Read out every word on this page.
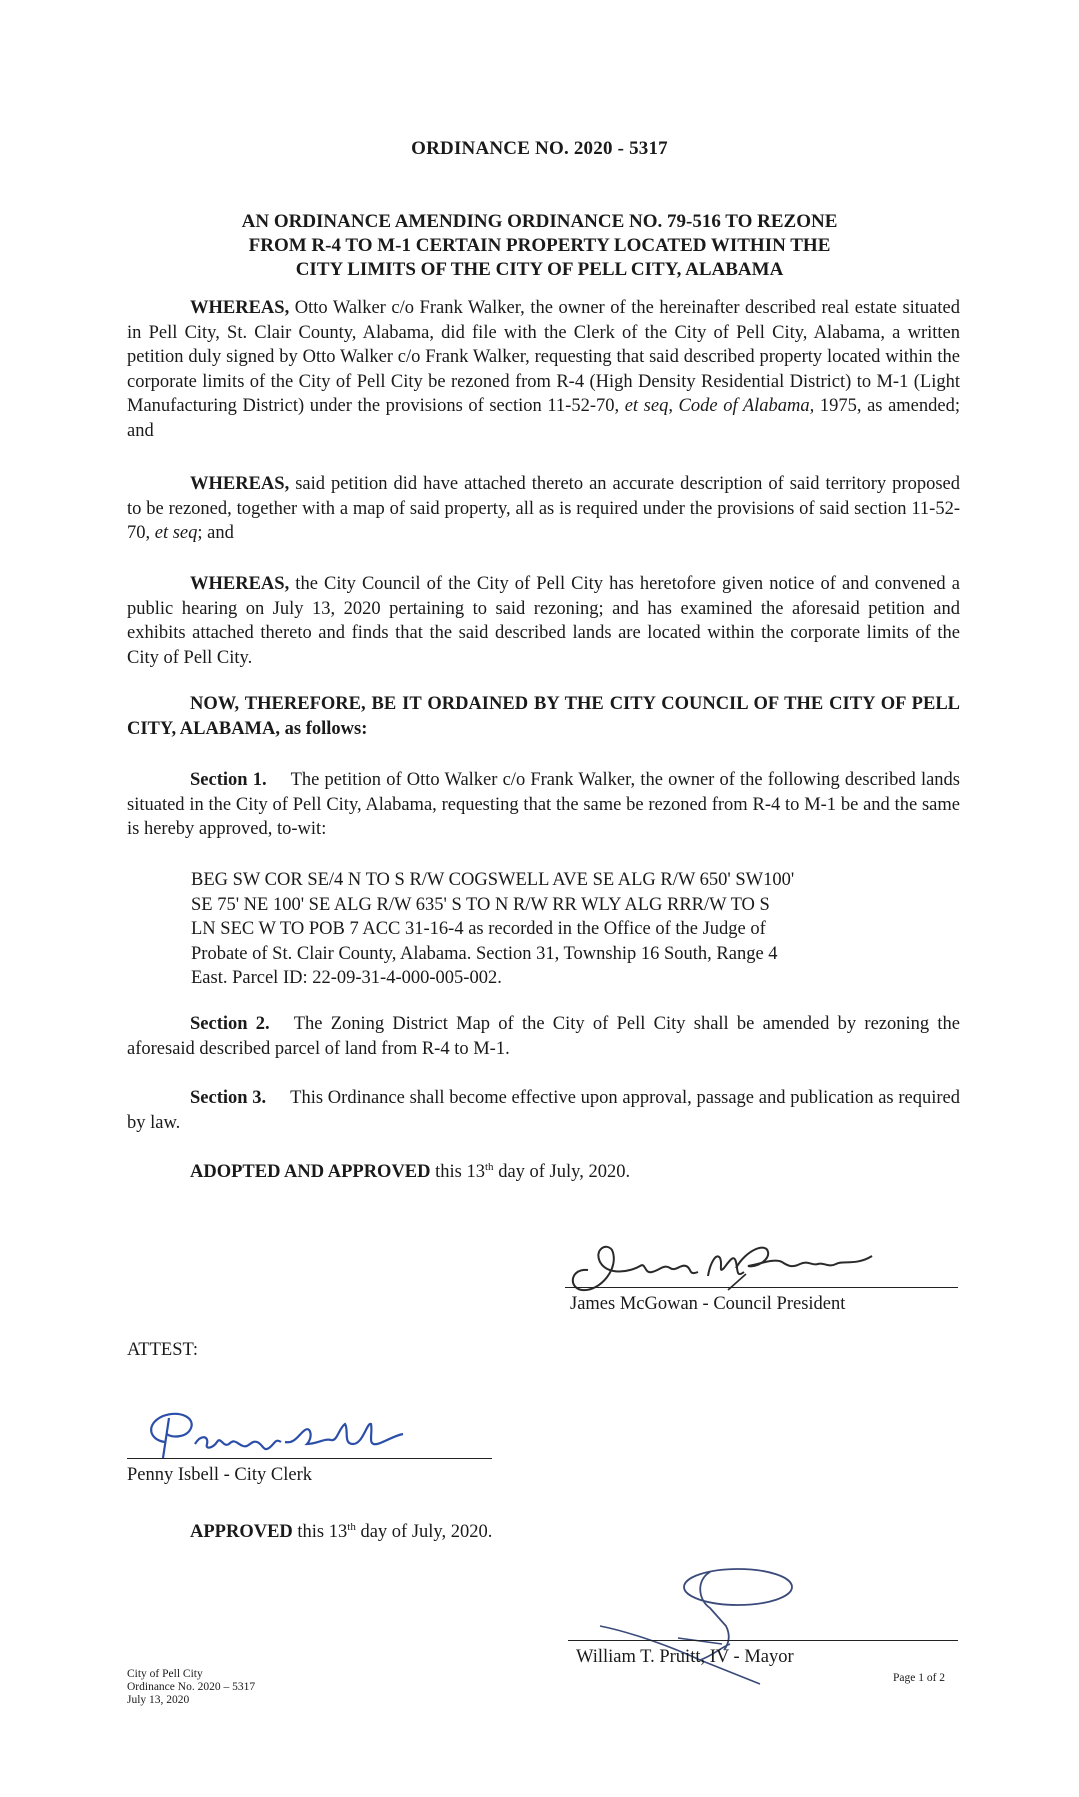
ORDINANCE NO. 2020 - 5317
AN ORDINANCE AMENDING ORDINANCE NO. 79-516 TO REZONE
FROM R-4 TO M-1 CERTAIN PROPERTY LOCATED WITHIN THE
CITY LIMITS OF THE CITY OF PELL CITY, ALABAMA

WHEREAS, Otto Walker c/o Frank Walker, the owner of the hereinafter described real estate situated in Pell City, St. Clair County, Alabama, did file with the Clerk of the City of Pell City, Alabama, a written petition duly signed by Otto Walker c/o Frank Walker, requesting that said described property located within the corporate limits of the City of Pell City be rezoned from R-4 (High Density Residential District) to M-1 (Light Manufacturing District) under the provisions of section 11-52-70, et seq, Code of Alabama, 1975, as amended; and

WHEREAS, said petition did have attached thereto an accurate description of said territory proposed to be rezoned, together with a map of said property, all as is required under the provisions of said section 11-52-70, et seq; and

WHEREAS, the City Council of the City of Pell City has heretofore given notice of and convened a public hearing on July 13, 2020 pertaining to said rezoning; and has examined the aforesaid petition and exhibits attached thereto and finds that the said described lands are located within the corporate limits of the City of Pell City.

NOW, THEREFORE, BE IT ORDAINED BY THE CITY COUNCIL OF THE CITY OF PELL CITY, ALABAMA, as follows:

Section 1. The petition of Otto Walker c/o Frank Walker, the owner of the following described lands situated in the City of Pell City, Alabama, requesting that the same be rezoned from R-4 to M-1 be and the same is hereby approved, to-wit:

BEG SW COR SE/4 N TO S R/W COGSWELL AVE SE ALG R/W 650' SW100'
SE 75' NE 100' SE ALG R/W 635' S TO N R/W RR WLY ALG RRR/W TO S
LN SEC W TO POB 7 ACC 31-16-4 as recorded in the Office of the Judge of
Probate of St. Clair County, Alabama. Section 31, Township 16 South, Range 4
East. Parcel ID: 22-09-31-4-000-005-002.

Section 2. The Zoning District Map of the City of Pell City shall be amended by rezoning the aforesaid described parcel of land from R-4 to M-1.

Section 3. This Ordinance shall become effective upon approval, passage and publication as required by law.

ADOPTED AND APPROVED this 13th day of July, 2020.

James McGowan - Council President
ATTEST:
Penny Isbell - City Clerk

APPROVED this 13th day of July, 2020.

William T. Pruitt, IV - Mayor
City of Pell City
Ordinance No. 2020 – 5317
July 13, 2020
Page 1 of 2
